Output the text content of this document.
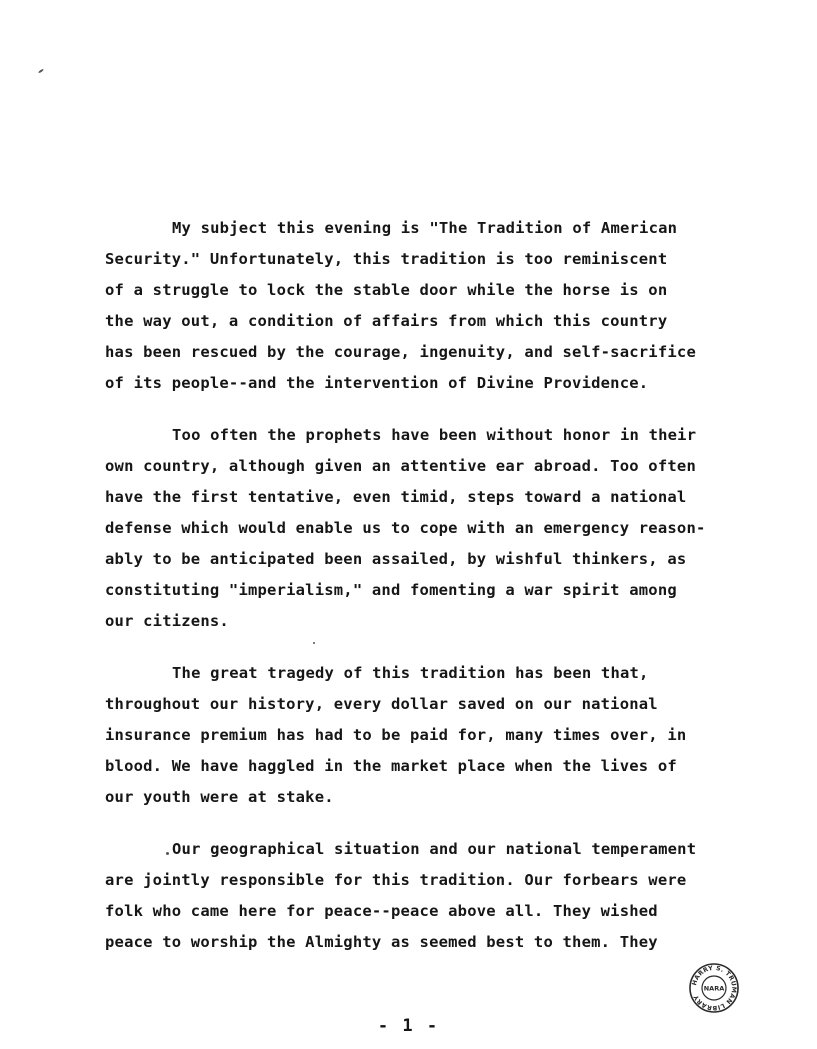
My subject this evening is "The Tradition of American
Security." Unfortunately, this tradition is too reminiscent
of a struggle to lock the stable door while the horse is on
the way out, a condition of affairs from which this country
has been rescued by the courage, ingenuity, and self-sacrifice
of its people--and the intervention of Divine Providence.
Too often the prophets have been without honor in their
own country, although given an attentive ear abroad. Too often
have the first tentative, even timid, steps toward a national
defense which would enable us to cope with an emergency reason-
ably to be anticipated been assailed, by wishful thinkers, as
constituting "imperialism," and fomenting a war spirit among
our citizens.
The great tragedy of this tradition has been that,
throughout our history, every dollar saved on our national
insurance premium has had to be paid for, many times over, in
blood. We have haggled in the market place when the lives of
our youth were at stake.
Our geographical situation and our national temperament
are jointly responsible for this tradition. Our forbears were
folk who came here for peace--peace above all. They wished
peace to worship the Almighty as seemed best to them. They
HARRY S. TRUMAN LIBRARY
NARA
- 1 -
